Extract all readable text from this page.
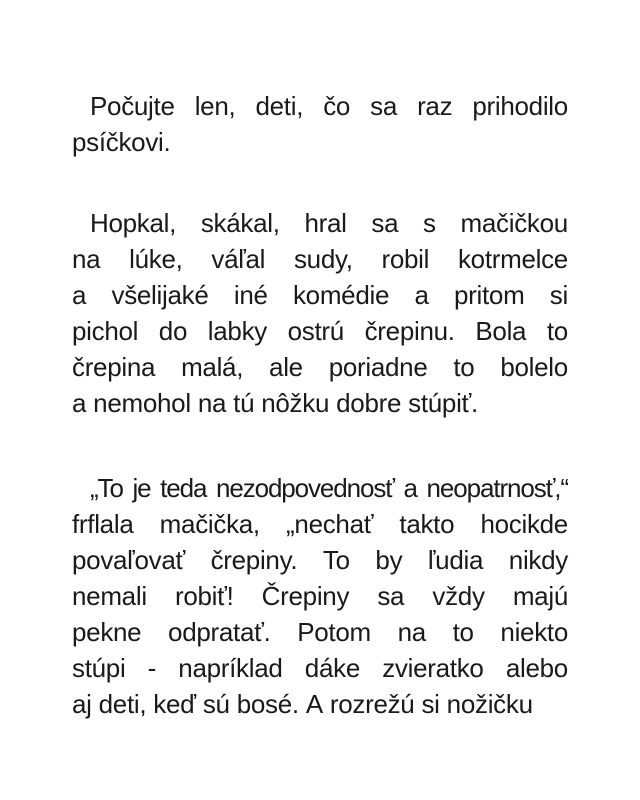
Počujte len, deti, čo sa raz prihodilo
psíčkovi.
Hopkal, skákal, hral sa s mačičkou
na lúke, váľal sudy, robil kotrmelce
a všelijaké iné komédie a pritom si
pichol do labky ostrú črepinu. Bola to
črepina malá, ale poriadne to bolelo
a nemohol na tú nôžku dobre stúpiť.
„To je teda nezodpovednosť a neopatrnosť,“
frflala mačička, „nechať takto hocikde
povaľovať črepiny. To by ľudia nikdy
nemali robiť! Črepiny sa vždy majú
pekne odpratať. Potom na to niekto
stúpi - napríklad dáke zvieratko alebo
aj deti, keď sú bosé. A rozrežú si nožičku
